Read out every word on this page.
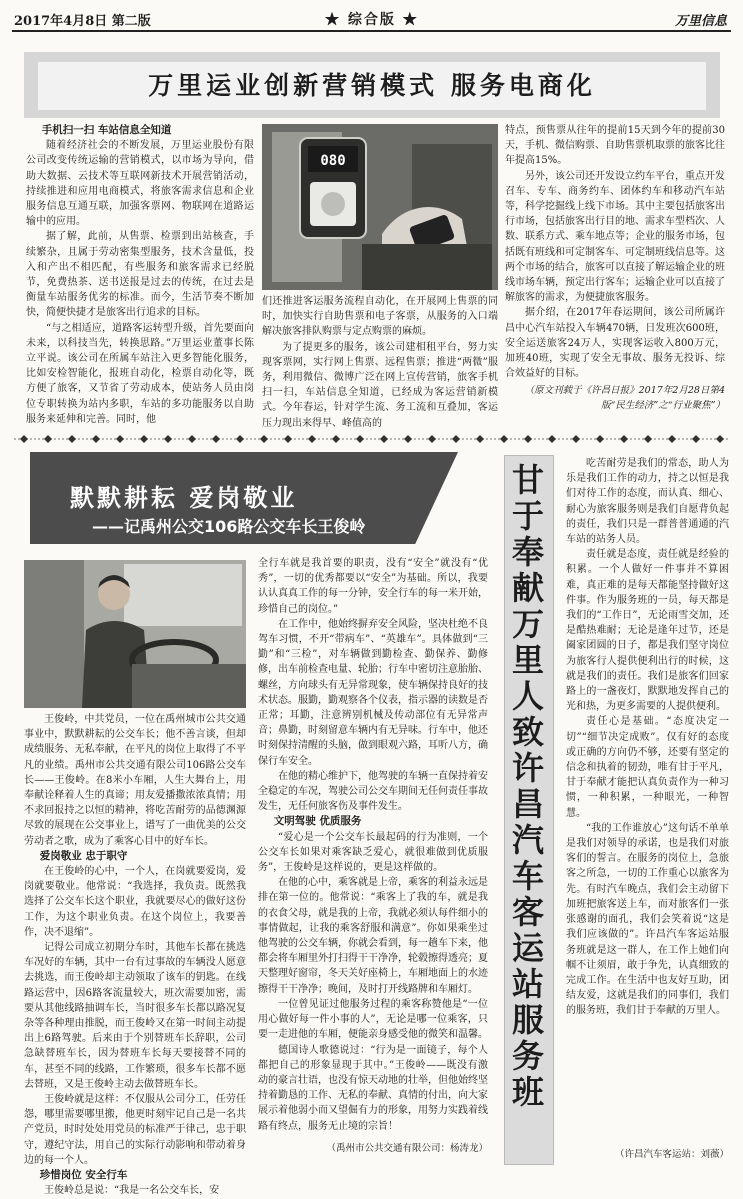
2017年4月8日 第二版	★ 综合版 ★	万里信息
万里运业创新营销模式 服务电商化

手机扫一扫 车站信息全知道

随着经济社会的不断发展，万里运业股份有限公司改变传统运输的营销模式，以市场为导向，借助大数据、云技术等互联网新技术开展营销活动，持续推进和应用电商模式，将旅客需求信息和企业服务信息互通互联，加强客票网、物联网在道路运输中的应用。

据了解，此前，从售票、检票到出站核查，手续繁杂，且属于劳动密集型服务，技术含量低，投入和产出不相匹配，有些服务和旅客需求已经脱节，免费热茶、送书送报是过去的传统，在过去是衡量车站服务优劣的标准。而今，生活节奏不断加快，简便快捷才是旅客出行追求的目标。

“与之相适应，道路客运转型升级，首先要面向未来，以科技当先，转换思路。”万里运业董事长陈立平说。该公司在所属车站注入更多智能化服务，比如安检智能化，报班自动化，检票自动化等，既方便了旅客，又节省了劳动成本，使站务人员由岗位专职转换为站内多职，车站的多功能服务以自助服务来延伸和完善。同时，他

080

们还推进客运服务流程自动化，在开展网上售票的同时，加快实行自助售票和电子客票，从服务的入口端解决旅客排队购票与定点购票的麻烦。

为了提更多的服务，该公司建相租平台，努力实现客票网，实行网上售票、远程售票；推进“两微”服务，利用微信、微博广泛在网上宣传营销，旅客手机扫一扫，车站信息全知道，已经成为客运营销新模式。今年春运，针对学生流、务工流和互叠加，客运压力现出来得早、峰值高的

特点，预售票从往年的提前15天到今年的提前30天，手机、微信购票、自助售票机取票的旅客比往年提高15%。

另外，该公司还开发设立约车平台，重点开发召车、专车、商务约车、团体约车和移动汽车站等，科学挖掘线上线下市场。其中主要包括旅客出行市场，包括旅客出行目的地、需求车型档次、人数、联系方式、乘车地点等；企业的服务市场，包括既有班线和可定制客车、可定制班线信息等。这两个市场的结合，旅客可以直接了解运输企业的班线市场车辆，预定出行客车；运输企业可以直接了解旅客的需求，为便捷旅客服务。

据介绍，在2017年春运期间，该公司所属许昌中心汽车站投入车辆470辆，日发班次600班，安全运送旅客24万人，实现客运收入800万元，加班40班，实现了安全无事故、服务无投诉、综合效益好的目标。

（原文刊载于《许昌日报》2017年2月28日第4版“民生经济”之“行业聚焦”）
默默耕耘 爱岗敬业
——记禹州公交106路公交车长王俊岭

王俊岭，中共党员，一位在禹州城市公共交通事业中，默默耕耘的公交车长；他不善言谈，但却成绩服务、无私奉献，在平凡的岗位上取得了不平凡的业绩。禹州市公共交通有限公司106路公交车长——王俊岭。在8米小车厢，人生大舞台上，用奉献诠释着人生的真谛；用友爱播撒浓浓真情；用不求回报持之以恒的精神，将吃苦耐劳的品德渊源尽致的展现在公交事业上，谱写了一曲优美的公交劳动者之歌，成为了乘客心目中的好车长。

爱岗敬业 忠于职守

在王俊岭的心中，一个人，在岗就要爱岗，爱岗就要敬业。他常说：“我选择，我负责。既然我选择了公交车长这个职业，我就要尽心的做好这份工作，为这个职业负责。在这个岗位上，我要善作，决不退缩”。

记得公司成立初期分车时，其他车长都在挑选车况好的车辆，其中一台有过事故的车辆没人愿意去挑选，而王俊岭却主动领取了该车的钥匙。在线路运营中，因6路客流量较大，班次需要加密，需要从其他线路抽调车长，当时很多车长都以路况复杂等各种理由推脱，而王俊岭又在第一时间主动提出上6路驾驶。后来由于个别替班车长辞职，公司急缺替班车长，因为替班车长每天要接替不同的车，甚至不同的线路，工作繁琐，很多车长都不愿去替班，又是王俊岭主动去做替班车长。

王俊岭就是这样：不仅服从公司分工，任劳任怨，哪里需要哪里搬，他更时刻牢记自己是一名共产党员，时时处处用党员的标准严于律己，忠于职守，遵纪守法，用自己的实际行动影响和带动着身边的每一个人。

珍惜岗位 安全行车

王俊岭总是说：“我是一名公交车长，安

全行车就是我首要的职责，没有“安全”就没有“优秀”，一切的优秀都要以“安全”为基础。所以，我要认认真真工作的每一分钟，安全行车的每一米开始，珍惜自己的岗位。”

在工作中，他始终摒弃安全风险，坚决杜绝不良驾车习惯，不开“带病车”、“英雄车”。具体做到“三勤”和“三检”，对车辆做到勤检查、勤保养、勤修修，出车前检查电量、轮胎；行车中密切注意胎胎、螺丝，方向球头有无异常现象，使车辆保持良好的技术状态。服勤，勤观察各个仪表，指示器的读数是否正常；耳勤，注意辨别机械及传动部位有无异常声音；鼻勤，时刻留意车辆内有无异味。行车中，他还时刻保持清醒的头脑，做到眼观六路，耳听八方，确保行车安全。

在他的精心维护下，他驾驶的车辆一直保持着安全稳定的车况，驾驶公司公交车期间无任何责任事故发生，无任何旅客伤及事件发生。

文明驾驶 优质服务

“爱心是一个公交车长最起码的行为准则，一个公交车长如果对乘客缺乏爱心，就很难做到优质服务”，王俊岭是这样说的，更是这样做的。

在他的心中，乘客就是上帝，乘客的利益永远是排在第一位的。他常说：“乘客上了我的车，就是我的衣食父母，就是我的上帝，我就必须认每件细小的事情做起，让我的乘客舒服和满意”。你如果乘坐过他驾驶的公交车辆，你就会看到，每一趟车下来，他都会将车厢里外打扫得干干净净，轮毂擦得透亮；夏天整理好窗帘，冬天关好座椅上，车厢地面上的水迹擦得干干净净；晚间，及时打开线路牌和车厢灯。

一位曾见证过他服务过程的乘客称赞他是“一位用心做好每一件小事的人”，无论是哪一位乘客，只要一走进他的车厢，便能亲身感受他的微笑和温馨。

德国诗人歌德说过：“行为是一面镜子，每个人都把自己的形象显现于其中。”王俊岭——既没有激动的豪言壮语，也没有惊天动地的壮举，但他始终坚持着勤恳的工作、无私的奉献、真情的付出，向大家展示着他弱小而又望倔有力的形象，用努力实践着线路有终点，服务无止境的宗旨！

（禹州市公共交通有限公司：杨涛龙）
甘于奉献万里人 致许昌汽车客运站服务班

吃苦耐劳是我们的常态，助人为乐是我们工作的动力，持之以恒是我们对待工作的态度，而认真、细心、耐心为旅客服务则是我们自愿背负起的责任，我们只是一群普普通通的汽车站的站务人员。

责任就是态度，责任就是经验的积累。一个人做好一件事并不算困难，真正难的是每天都能坚持做好这件事。作为服务班的一员，每天都是我们的“工作日”，无论雨雪交加，还是酷热难耐；无论是逢年过节，还是阖家团圆的日子，都是我们坚守岗位为旅客行人提供便利出行的时候，这就是我们的责任。我们是旅客们回家路上的一盏夜灯，默默地发挥自己的光和热，为更多需要的人提供便利。

责任心是基础。“态度决定一切”“细节决定成败”。仅有好的态度或正确的方向仍不够，还要有坚定的信念和执着的韧劲，唯有甘于平凡，甘于奉献才能把认真负责作为一种习惯，一种积累，一种眼光，一种智慧。

“我的工作谁放心”这句话不单单是我们对领导的承诺，也是我们对旅客们的誓言。在服务的岗位上，急旅客之所急，一切的工作重心以旅客为先。有时汽车晚点，我们会主动留下加班把旅客送上车，而对旅客们一张张感谢的面孔，我们会笑着说“这是我们应该做的”。许昌汽车客运站服务班就是这一群人，在工作上她们向帼不让须眉，敢于争先，认真细致的完成工作。在生活中也友好互助，团结友爱，这就是我们的同事们，我们的服务班，我们甘于奉献的万里人。

（许昌汽车客运站：刘薇）
